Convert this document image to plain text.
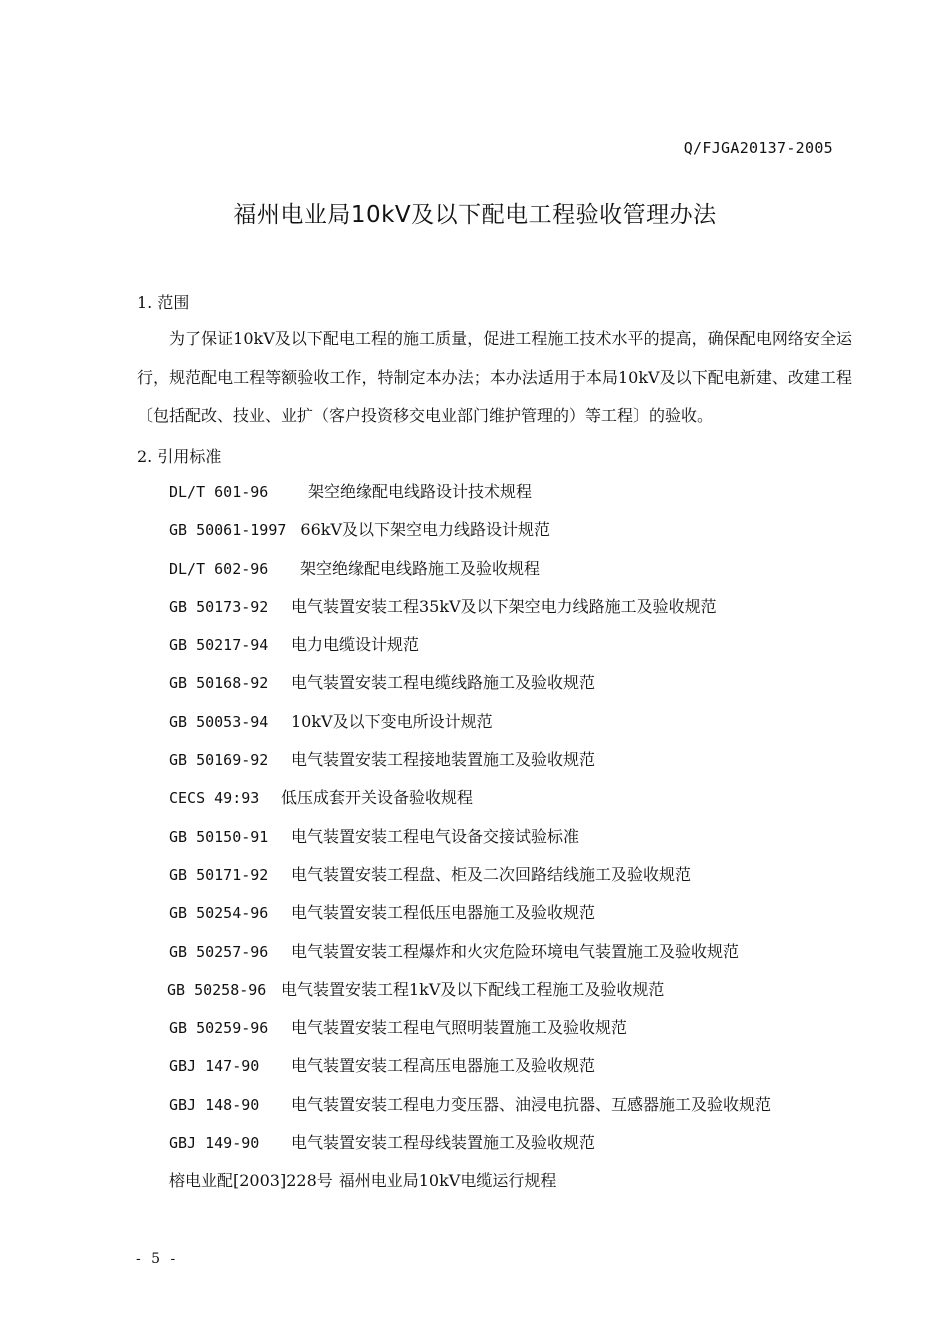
Q/FJGA20137-2005
福州电业局10kV及以下配电工程验收管理办法
1. 范围

为了保证10kV及以下配电工程的施工质量，促进工程施工技术水平的提高，确保配电网络安全运行，规范配电工程等额验收工作，特制定本办法；本办法适用于本局10kV及以下配电新建、改建工程〔包括配改、技业、业扩（客户投资移交电业部门维护管理的）等工程〕的验收。

2. 引用标准
DL/T 601-96 架空绝缘配电线路设计技术规程
GB 50061-1997 66kV及以下架空电力线路设计规范
DL/T 602-96 架空绝缘配电线路施工及验收规程
GB 50173-92 电气装置安装工程35kV及以下架空电力线路施工及验收规范
GB 50217-94 电力电缆设计规范
GB 50168-92 电气装置安装工程电缆线路施工及验收规范
GB 50053-94 10kV及以下变电所设计规范
GB 50169-92 电气装置安装工程接地装置施工及验收规范
CECS 49:93 低压成套开关设备验收规程
GB 50150-91 电气装置安装工程电气设备交接试验标准
GB 50171-92 电气装置安装工程盘、柜及二次回路结线施工及验收规范
GB 50254-96 电气装置安装工程低压电器施工及验收规范
GB 50257-96 电气装置安装工程爆炸和火灾危险环境电气装置施工及验收规范
GB 50258-96 电气装置安装工程1kV及以下配线工程施工及验收规范
GB 50259-96 电气装置安装工程电气照明装置施工及验收规范
GBJ 147-90 电气装置安装工程高压电器施工及验收规范
GBJ 148-90 电气装置安装工程电力变压器、油浸电抗器、互感器施工及验收规范
GBJ 149-90 电气装置安装工程母线装置施工及验收规范
榕电业配[2003]228号 福州电业局10kV电缆运行规程
- 5 -
